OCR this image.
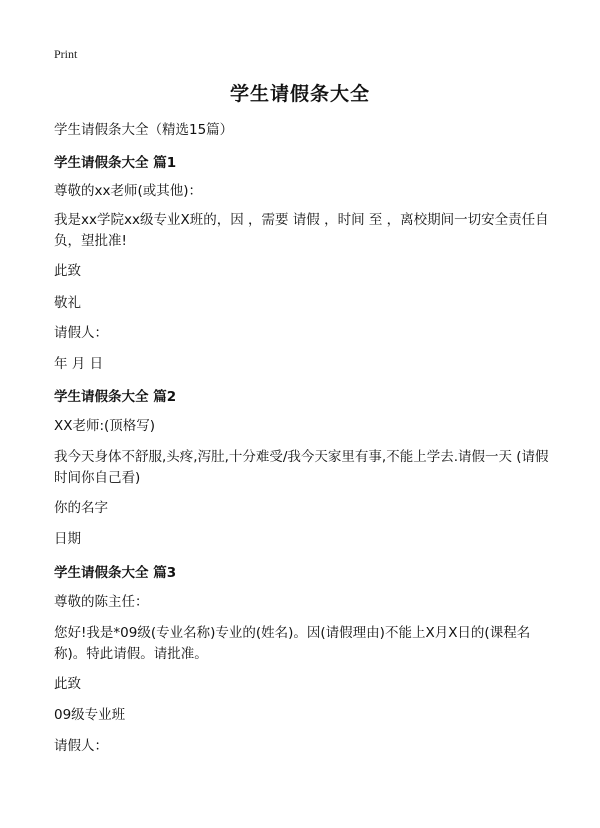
Print
学生请假条大全
学生请假条大全（精选15篇）
学生请假条大全 篇1
尊敬的xx老师(或其他)：
我是xx学院xx级专业X班的，因 ，需要 请假 ，时间 至 ，离校期间一切安全责任自负，望批准!
此致
敬礼
请假人：
年 月 日
学生请假条大全 篇2
XX老师:(顶格写)
我今天身体不舒服,头疼,泻肚,十分难受/我今天家里有事,不能上学去.请假一天 (请假时间你自己看)
你的名字
日期
学生请假条大全 篇3
尊敬的陈主任：
您好!我是*09级(专业名称)专业的(姓名)。因(请假理由)不能上X月X日的(课程名称)。特此请假。请批准。
此致
09级专业班
请假人：
